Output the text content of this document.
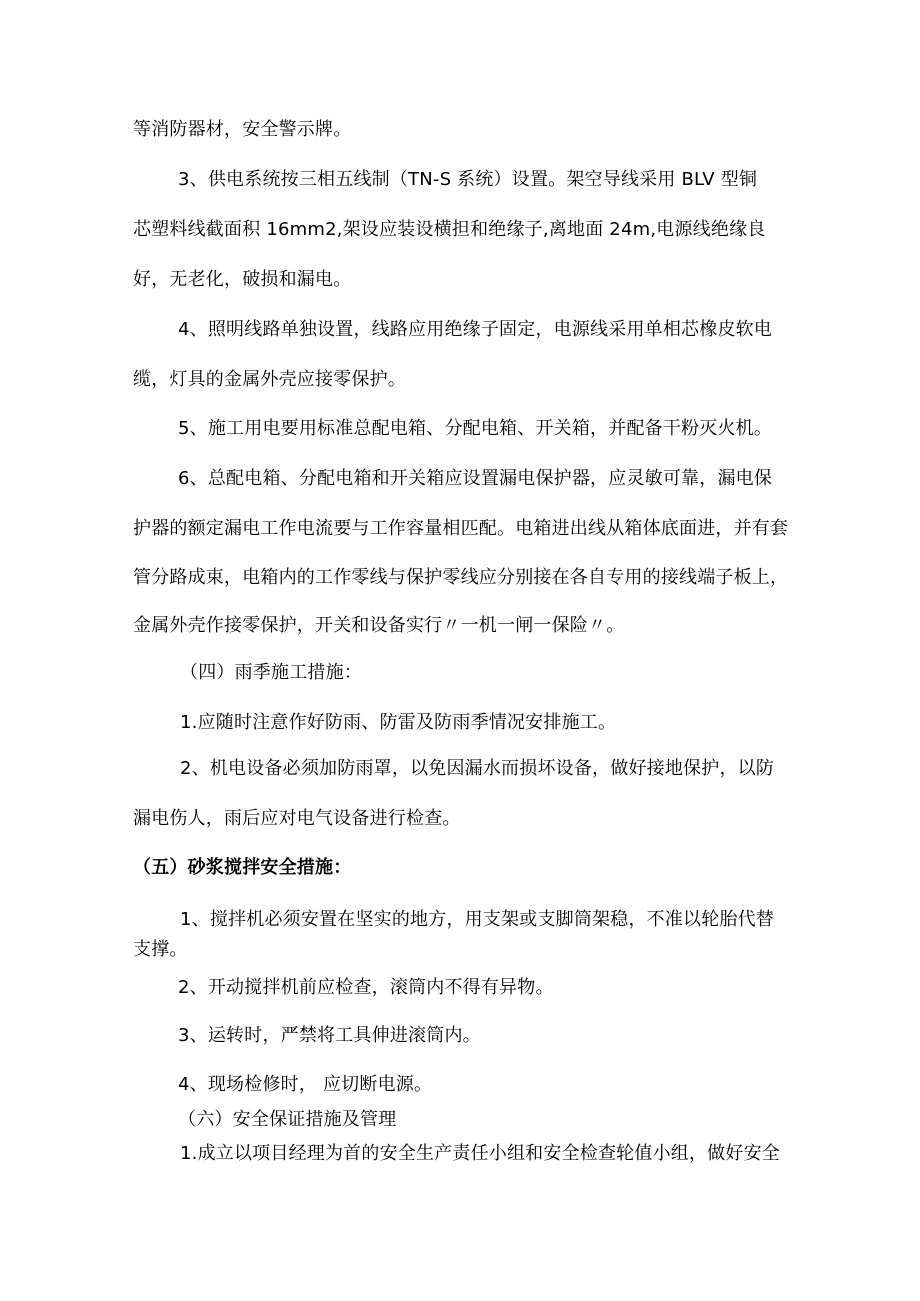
等消防器材，安全警示牌。
3、供电系统按三相五线制（TN-S 系统）设置。架空导线采用 BLV 型铜
芯塑料线截面积 16mm2,架设应装设横担和绝缘子,离地面 24m,电源线绝缘良
好，无老化，破损和漏电。
4、照明线路单独设置，线路应用绝缘子固定，电源线采用单相芯橡皮软电
缆，灯具的金属外壳应接零保护。
5、施工用电要用标准总配电箱、分配电箱、开关箱，并配备干粉灭火机。
6、总配电箱、分配电箱和开关箱应设置漏电保护器，应灵敏可靠，漏电保
护器的额定漏电工作电流要与工作容量相匹配。电箱进出线从箱体底面进，并有套
管分路成束，电箱内的工作零线与保护零线应分别接在各自专用的接线端子板上，
金属外壳作接零保护，开关和设备实行〃一机一闸一保险〃。
（四）雨季施工措施：
1.应随时注意作好防雨、防雷及防雨季情况安排施工。
2、机电设备必须加防雨罩，以免因漏水而损坏设备，做好接地保护，以防
漏电伤人，雨后应对电气设备进行检查。
（五）砂浆搅拌安全措施：
1、搅拌机必须安置在坚实的地方，用支架或支脚筒架稳，不准以轮胎代替
支撑。
2、开动搅拌机前应检查，滚筒内不得有异物。
3、运转时，严禁将工具伸进滚筒内。
4、现场检修时， 应切断电源。
（六）安全保证措施及管理
1.成立以项目经理为首的安全生产责任小组和安全检查轮值小组，做好安全
